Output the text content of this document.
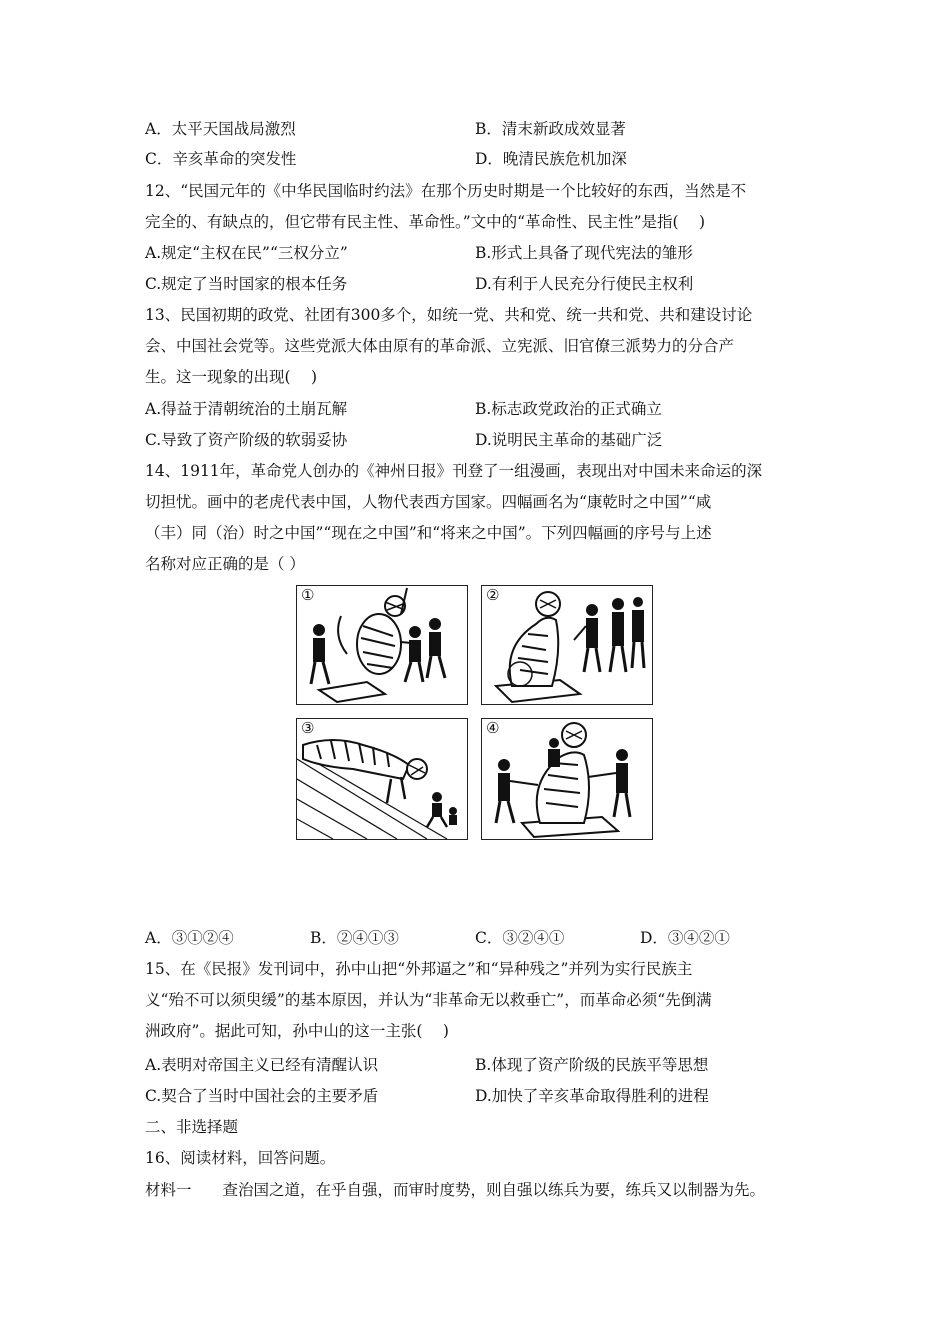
A．太平天国战局激烈	B．清末新政成效显著
C．辛亥革命的突发性	D．晚清民族危机加深
12、“民国元年的《中华民国临时约法》在那个历史时期是一个比较好的东西，当然是不
完全的、有缺点的，但它带有民主性、革命性。”文中的“革命性、民主性”是指(　 )
A.规定“主权在民”“三权分立”	B.形式上具备了现代宪法的雏形
C.规定了当时国家的根本任务	D.有利于人民充分行使民主权利
13、民国初期的政党、社团有300多个，如统一党、共和党、统一共和党、共和建设讨论
会、中国社会党等。这些党派大体由原有的革命派、立宪派、旧官僚三派势力的分合产
生。这一现象的出现(　 )
A.得益于清朝统治的土崩瓦解	B.标志政党政治的正式确立
C.导致了资产阶级的软弱妥协	D.说明民主革命的基础广泛
14、1911年，革命党人创办的《神州日报》刊登了一组漫画，表现出对中国未来命运的深
切担忧。画中的老虎代表中国，人物代表西方国家。四幅画名为“康乾时之中国”“咸
（丰）同（治）时之中国”“现在之中国”和“将来之中国”。下列四幅画的序号与上述
名称对应正确的是（ ）
①	②
③	④
A．③①②④	B．②④①③	C．③②④①	D．③④②①
15、在《民报》发刊词中，孙中山把“外邦逼之”和“异种残之”并列为实行民族主
义“殆不可以须臾缓”的基本原因，并认为“非革命无以救垂亡”，而革命必须“先倒满
洲政府”。据此可知，孙中山的这一主张(　 )
A.表明对帝国主义已经有清醒认识	B.体现了资产阶级的民族平等思想
C.契合了当时中国社会的主要矛盾	D.加快了辛亥革命取得胜利的进程
二、非选择题
16、阅读材料，回答问题。
材料一　　查治国之道，在乎自强，而审时度势，则自强以练兵为要，练兵又以制器为先。
